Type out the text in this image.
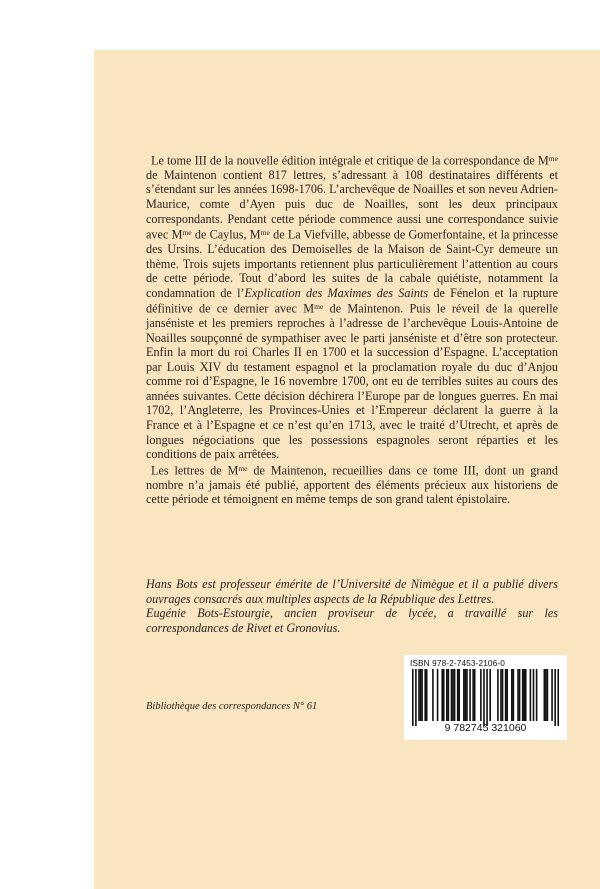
Le tome III de la nouvelle édition intégrale et critique de la correspondance de $M^{me}$ de Maintenon contient 817 lettres, s’adressant à 108 destinataires différents et s’étendant sur les années 1698-1706. L’archevêque de Noailles et son neveu Adrien-Maurice, comte d’Ayen puis duc de Noailles, sont les deux principaux correspondants. Pendant cette période commence aussi une correspondance suivie avec $M^{me}$ de Caylus, $M^{me}$ de La Viefville, abbesse de Gomerfontaine, et la princesse des Ursins. L’éducation des Demoiselles de la Maison de Saint-Cyr demeure un thème. Trois sujets importants retiennent plus particulièrement l’attention au cours de cette période. Tout d’abord les suites de la cabale quiétiste, notamment la condamnation de l’Explication des Maximes des Saints de Fénelon et la rupture définitive de ce dernier avec $M^{me}$ de Maintenon. Puis le réveil de la querelle janséniste et les premiers reproches à l’adresse de l’archevêque Louis-Antoine de Noailles soupçonné de sympathiser avec le parti janséniste et d’être son protecteur. Enfin la mort du roi Charles II en 1700 et la succession d’Espagne. L’acceptation par Louis XIV du testament espagnol et la proclamation royale du duc d’Anjou comme roi d’Espagne, le 16 novembre 1700, ont eu de terribles suites au cours des années suivantes. Cette décision déchirera l’Europe par de longues guerres. En mai 1702, l’Angleterre, les Provinces-Unies et l’Empereur déclarent la guerre à la France et à l’Espagne et ce n’est qu’en 1713, avec le traité d’Utrecht, et après de longues négociations que les possessions espagnoles seront réparties et les conditions de paix arrêtées.

Les lettres de $M^{me}$ de Maintenon, recueillies dans ce tome III, dont un grand nombre n’a jamais été publié, apportent des éléments précieux aux historiens de cette période et témoignent en même temps de son grand talent épistolaire.

Hans Bots est professeur émérite de l’Université de Nimègue et il a publié divers ouvrages consacrés aux multiples aspects de la République des Lettres.

Eugénie Bots-Estourgie, ancien proviseur de lycée, a travaillé sur les correspondances de Rivet et Gronovius.

Bibliothèque des correspondances N° 61
ISBN 978-2-7453-2106-0
9 782745 321060
